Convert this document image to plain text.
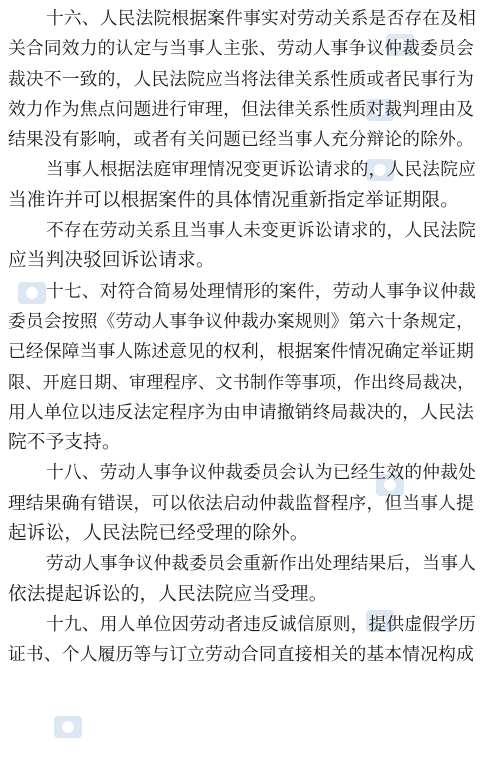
十六、人民法院根据案件事实对劳动关系是否存在及相
关合同效力的认定与当事人主张、劳动人事争议仲裁委员会
裁决不一致的，人民法院应当将法律关系性质或者民事行为
效力作为焦点问题进行审理，但法律关系性质对裁判理由及
结果没有影响，或者有关问题已经当事人充分辩论的除外。
当事人根据法庭审理情况变更诉讼请求的，人民法院应
当准许并可以根据案件的具体情况重新指定举证期限。
不存在劳动关系且当事人未变更诉讼请求的，人民法院
应当判决驳回诉讼请求。
十七、对符合简易处理情形的案件，劳动人事争议仲裁
委员会按照《劳动人事争议仲裁办案规则》第六十条规定，
已经保障当事人陈述意见的权利，根据案件情况确定举证期
限、开庭日期、审理程序、文书制作等事项，作出终局裁决，
用人单位以违反法定程序为由申请撤销终局裁决的，人民法
院不予支持。
十八、劳动人事争议仲裁委员会认为已经生效的仲裁处
理结果确有错误，可以依法启动仲裁监督程序，但当事人提
起诉讼，人民法院已经受理的除外。
劳动人事争议仲裁委员会重新作出处理结果后，当事人
依法提起诉讼的，人民法院应当受理。
十九、用人单位因劳动者违反诚信原则，提供虚假学历
证书、个人履历等与订立劳动合同直接相关的基本情况构成
